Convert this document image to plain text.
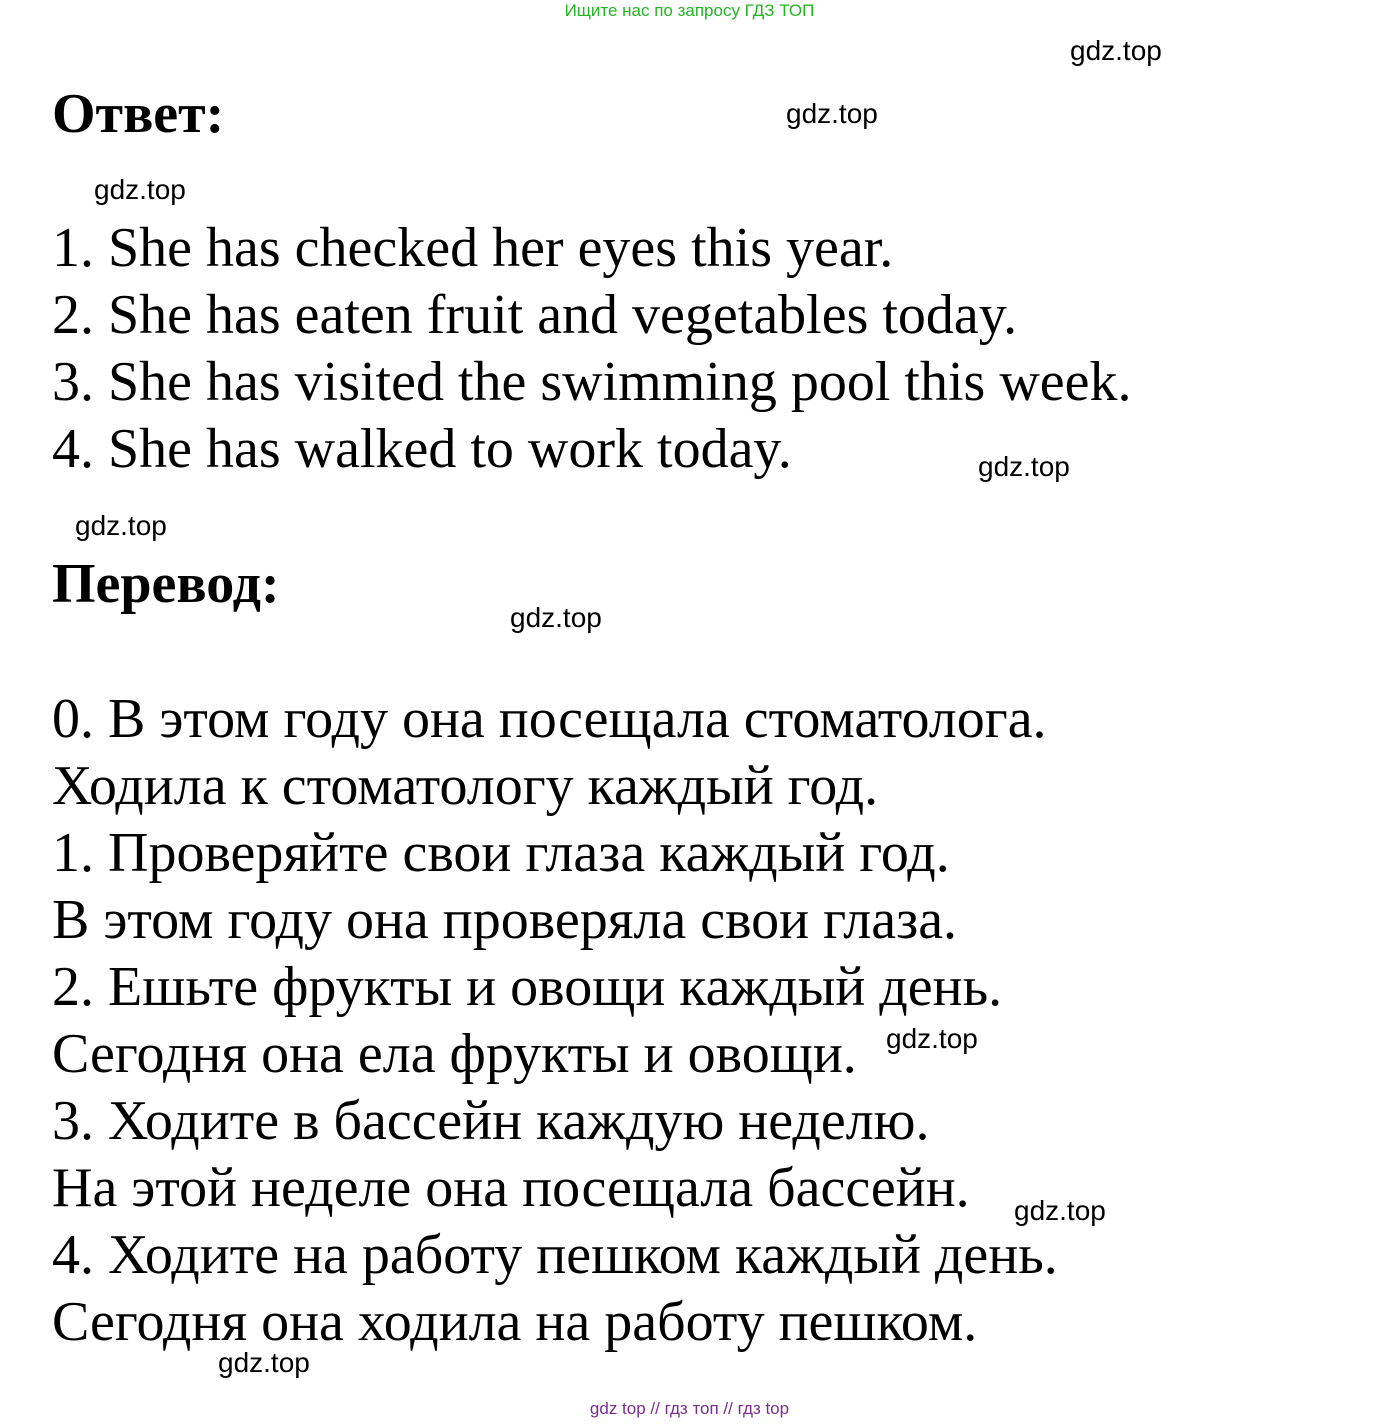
Ищите нас по запросу ГДЗ ТОП
gdz.top
gdz.top
gdz.top
gdz.top
gdz.top
gdz.top
gdz.top
gdz.top
gdz.top
Ответ:
1. She has checked her eyes this year.
2. She has eaten fruit and vegetables today.
3. She has visited the swimming pool this week.
4. She has walked to work today.
Перевод:
0. В этом году она посещала стоматолога.
Ходила к стоматологу каждый год.
1. Проверяйте свои глаза каждый год.
В этом году она проверяла свои глаза.
2. Ешьте фрукты и овощи каждый день.
Сегодня она ела фрукты и овощи.
3. Ходите в бассейн каждую неделю.
На этой неделе она посещала бассейн.
4. Ходите на работу пешком каждый день.
Сегодня она ходила на работу пешком.
gdz top // гдз топ // гдз top
